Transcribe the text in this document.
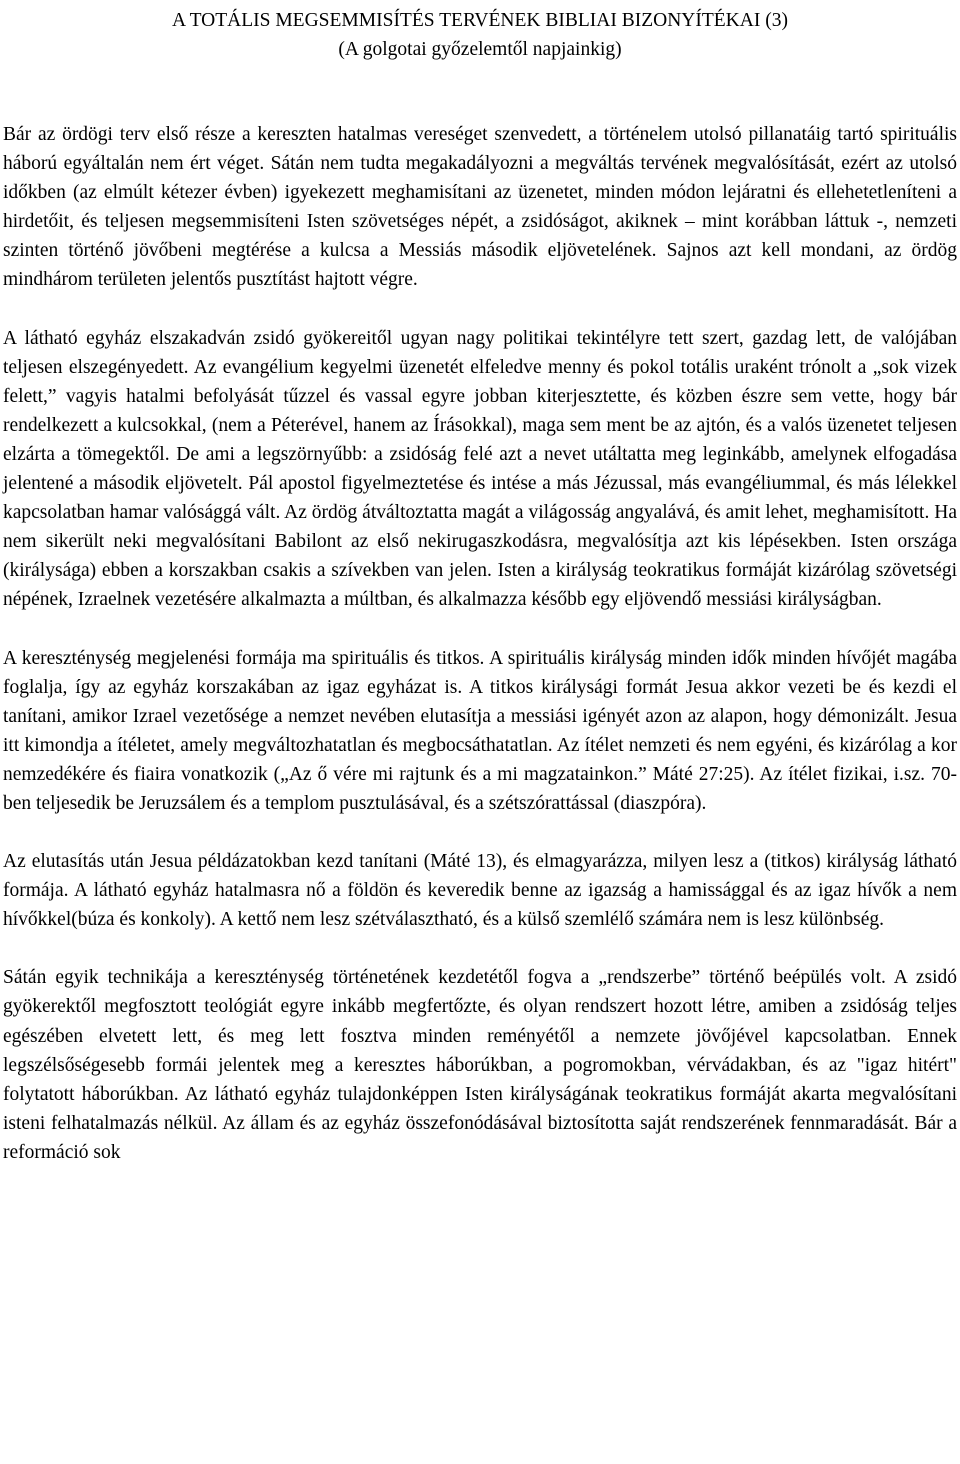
A TOTÁLIS MEGSEMMISÍTÉS TERVÉNEK BIBLIAI BIZONYÍTÉKAI (3)
(A golgotai győzelemtől napjainkig)

Bár az ördögi terv első része a kereszten hatalmas vereséget szenvedett, a történelem utolsó pillanatáig tartó spirituális háború egyáltalán nem ért véget. Sátán nem tudta megakadályozni a megváltás tervének megvalósítását, ezért az utolsó időkben (az elmúlt kétezer évben) igyekezett meghamisítani az üzenetet, minden módon lejáratni és ellehetetleníteni a hirdetőit, és teljesen megsemmisíteni Isten szövetséges népét, a zsidóságot, akiknek – mint korábban láttuk -, nemzeti szinten történő jövőbeni megtérése a kulcsa a Messiás második eljövetelének. Sajnos azt kell mondani, az ördög mindhárom területen jelentős pusztítást hajtott végre.

A látható egyház elszakadván zsidó gyökereitől ugyan nagy politikai tekintélyre tett szert, gazdag lett, de valójában teljesen elszegényedett. Az evangélium kegyelmi üzenetét elfeledve menny és pokol totális uraként trónolt a „sok vizek felett,” vagyis hatalmi befolyását tűzzel és vassal egyre jobban kiterjesztette, és közben észre sem vette, hogy bár rendelkezett a kulcsokkal, (nem a Péterével, hanem az Írásokkal), maga sem ment be az ajtón, és a valós üzenetet teljesen elzárta a tömegektől. De ami a legszörnyűbb: a zsidóság felé azt a nevet utáltatta meg leginkább, amelynek elfogadása jelentené a második eljövetelt. Pál apostol figyelmeztetése és intése a más Jézussal, más evangéliummal, és más lélekkel kapcsolatban hamar valósággá vált. Az ördög átváltoztatta magát a világosság angyalává, és amit lehet, meghamisított. Ha nem sikerült neki megvalósítani Babilont az első nekirugaszkodásra, megvalósítja azt kis lépésekben. Isten országa (királysága) ebben a korszakban csakis a szívekben van jelen. Isten a királyság teokratikus formáját kizárólag szövetségi népének, Izraelnek vezetésére alkalmazta a múltban, és alkalmazza később egy eljövendő messiási királyságban.

A kereszténység megjelenési formája ma spirituális és titkos. A spirituális királyság minden idők minden hívőjét magába foglalja, így az egyház korszakában az igaz egyházat is. A titkos királysági formát Jesua akkor vezeti be és kezdi el tanítani, amikor Izrael vezetősége a nemzet nevében elutasítja a messiási igényét azon az alapon, hogy démonizált. Jesua itt kimondja a ítéletet, amely megváltozhatatlan és megbocsáthatatlan. Az ítélet nemzeti és nem egyéni, és kizárólag a kor nemzedékére és fiaira vonatkozik („Az ő vére mi rajtunk és a mi magzatainkon.” Máté 27:25). Az ítélet fizikai, i.sz. 70-ben teljesedik be Jeruzsálem és a templom pusztulásával, és a szétszórattással (diaszpóra).

Az elutasítás után Jesua példázatokban kezd tanítani (Máté 13), és elmagyarázza, milyen lesz a (titkos) királyság látható formája. A látható egyház hatalmasra nő a földön és keveredik benne az igazság a hamissággal és az igaz hívők a nem hívőkkel(búza és konkoly). A kettő nem lesz szétválasztható, és a külső szemlélő számára nem is lesz különbség.

Sátán egyik technikája a kereszténység történetének kezdetétől fogva a „rendszerbe” történő beépülés volt. A zsidó gyökerektől megfosztott teológiát egyre inkább megfertőzte, és olyan rendszert hozott létre, amiben a zsidóság teljes egészében elvetett lett, és meg lett fosztva minden reményétől a nemzete jövőjével kapcsolatban. Ennek legszélsőségesebb formái jelentek meg a keresztes háborúkban, a pogromokban, vérvádakban, és az "igaz hitért" folytatott háborúkban. Az látható egyház tulajdonképpen Isten királyságának teokratikus formáját akarta megvalósítani isteni felhatalmazás nélkül. Az állam és az egyház összefonódásával biztosította saját rendszerének fennmaradását. Bár a reformáció sok
